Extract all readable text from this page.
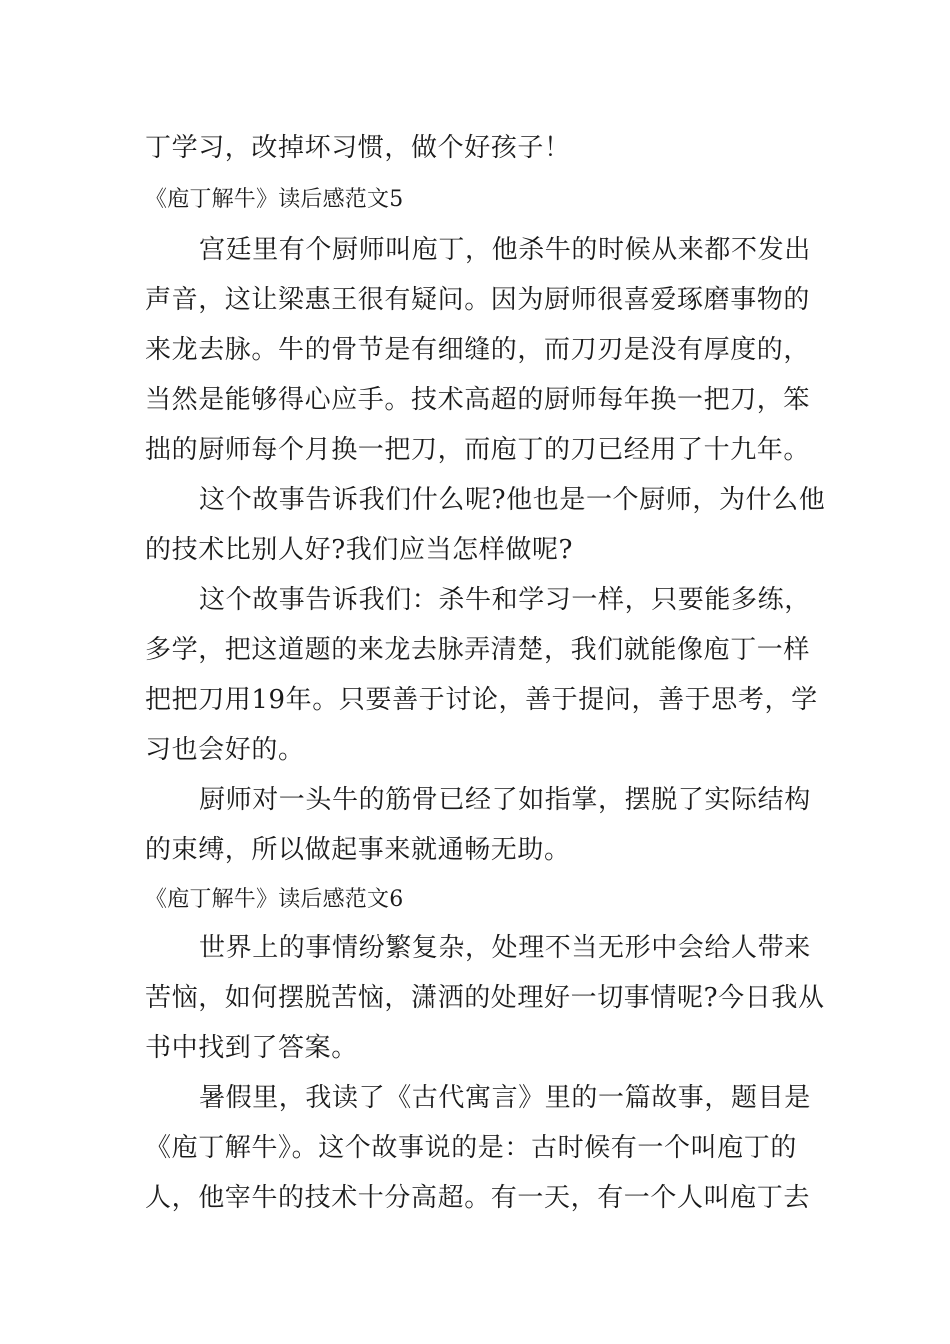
丁学习，改掉坏习惯，做个好孩子！
《庖丁解牛》读后感范文5
宫廷里有个厨师叫庖丁，他杀牛的时候从来都不发出
声音，这让梁惠王很有疑问。因为厨师很喜爱琢磨事物的
来龙去脉。牛的骨节是有细缝的，而刀刃是没有厚度的，
当然是能够得心应手。技术高超的厨师每年换一把刀，笨
拙的厨师每个月换一把刀，而庖丁的刀已经用了十九年。
这个故事告诉我们什么呢?他也是一个厨师，为什么他
的技术比别人好?我们应当怎样做呢?
这个故事告诉我们：杀牛和学习一样，只要能多练，
多学，把这道题的来龙去脉弄清楚，我们就能像庖丁一样
把把刀用19年。只要善于讨论，善于提问，善于思考，学
习也会好的。
厨师对一头牛的筋骨已经了如指掌，摆脱了实际结构
的束缚，所以做起事来就通畅无助。
《庖丁解牛》读后感范文6
世界上的事情纷繁复杂，处理不当无形中会给人带来
苦恼，如何摆脱苦恼，潇洒的处理好一切事情呢?今日我从
书中找到了答案。
暑假里，我读了《古代寓言》里的一篇故事，题目是
《庖丁解牛》。这个故事说的是：古时候有一个叫庖丁的
人，他宰牛的技术十分高超。有一天，有一个人叫庖丁去
